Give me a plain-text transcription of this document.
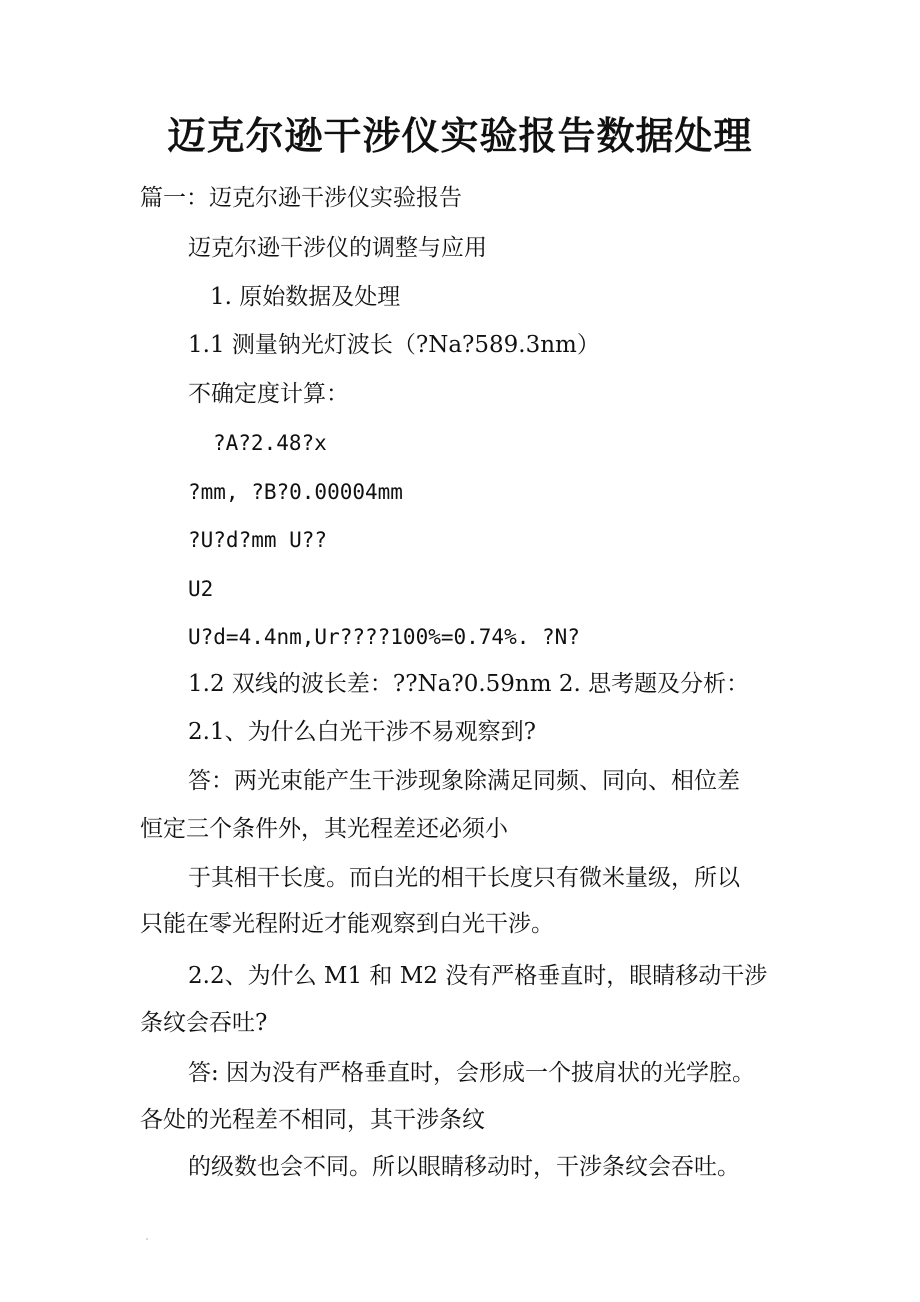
迈克尔逊干涉仪实验报告数据处理
篇一：迈克尔逊干涉仪实验报告
迈克尔逊干涉仪的调整与应用
1. 原始数据及处理
1.1 测量钠光灯波长（?Na?589.3nm）
不确定度计算：
?A?2.48?x
?mm, ?B?0.00004mm
?U?d?mm U??
U2
U?d=4.4nm,Ur????100%=0.74%. ?N?
1.2 双线的波长差：??Na?0.59nm 2. 思考题及分析：
2.1、为什么白光干涉不易观察到?
答：两光束能产生干涉现象除满足同频、同向、相位差
恒定三个条件外，其光程差还必须小
于其相干长度。而白光的相干长度只有微米量级，所以
只能在零光程附近才能观察到白光干涉。
2.2、为什么 M1 和 M2 没有严格垂直时，眼睛移动干涉
条纹会吞吐?
答: 因为没有严格垂直时，会形成一个披肩状的光学腔。
各处的光程差不相同，其干涉条纹
的级数也会不同。所以眼睛移动时，干涉条纹会吞吐。
